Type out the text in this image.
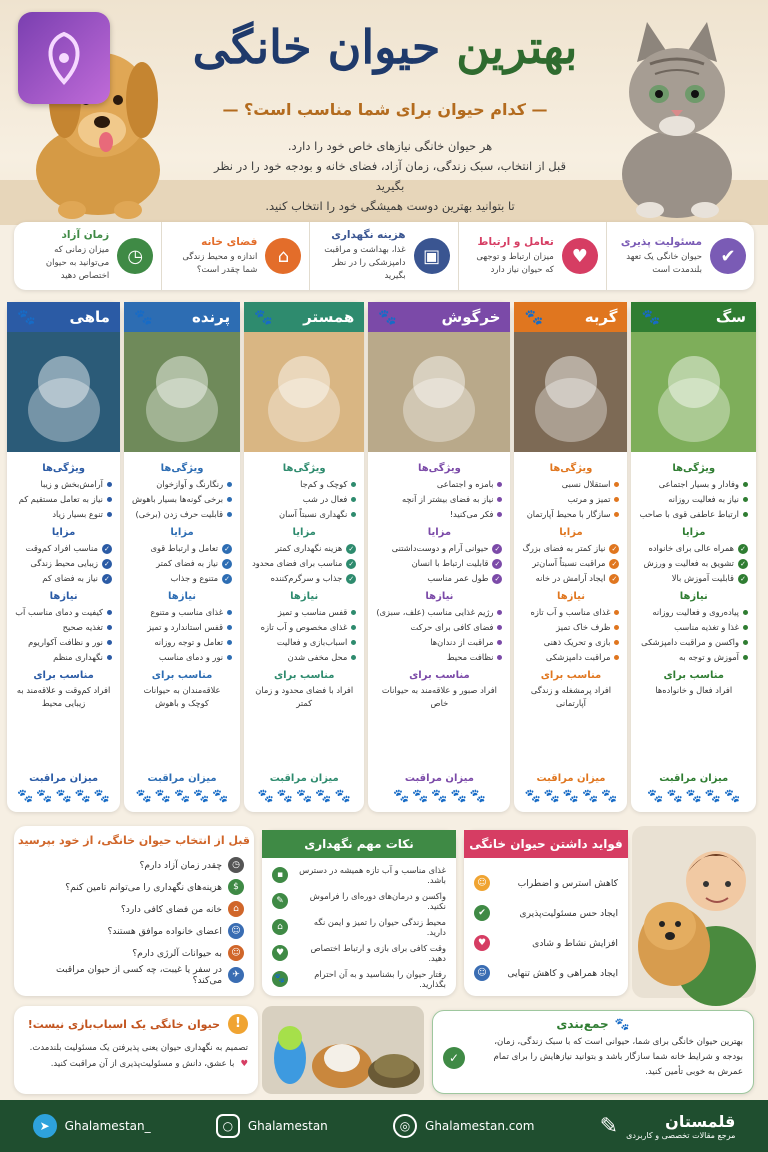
بهترین حیوان خانگی
— کدام حیوان برای شما مناسب است؟ —
هر حیوان خانگی نیازهای خاص خود را دارد.
قبل از انتخاب، سبک زندگی، زمان آزاد، فضای خانه و بودجه خود را در نظر بگیرید
تا بتوانید بهترین دوست همیشگی خود را انتخاب کنید.
✔
مسئولیت پذیری
حیوان خانگی یک تعهد بلندمدت است
♥
تعامل و ارتباط
میزان ارتباط و توجهی که حیوان نیاز دارد
▣
هزینه نگهداری
غذا، بهداشت و مراقبت دامپزشکی را در نظر بگیرید
⌂
فضای خانه
اندازه و محیط زندگی شما چقدر است؟
◷
زمان آزاد
میزان زمانی که می‌توانید به حیوان اختصاص دهید
سگ
🐾
ویژگی‌ها
وفادار و بسیار اجتماعی
نیاز به فعالیت روزانه
ارتباط عاطفی قوی با صاحب
مزایا
✓
همراه عالی برای خانواده
✓
تشویق به فعالیت و ورزش
✓
قابلیت آموزش بالا
نیازها
پیاده‌روی و فعالیت روزانه
غذا و تغذیه مناسب
واکسن و مراقبت دامپزشکی
آموزش و توجه به
مناسب برای
افراد فعال و خانواده‌ها
میزان مراقبت
🐾 🐾 🐾 🐾 🐾
گربه
🐾
ویژگی‌ها
استقلال نسبی
تمیز و مرتب
سازگار با محیط آپارتمان
مزایا
✓
نیاز کمتر به فضای بزرگ
✓
مراقبت نسبتاً آسان‌تر
✓
ایجاد آرامش در خانه
نیازها
غذای مناسب و آب تازه
ظرف خاک تمیز
بازی و تحریک ذهنی
مراقبت دامپزشکی
مناسب برای
افراد پرمشغله و زندگی آپارتمانی
میزان مراقبت
🐾 🐾 🐾 🐾 🐾
خرگوش
🐾
ویژگی‌ها
بامزه و اجتماعی
نیاز به فضای بیشتر از آنچه
فکر می‌کنید!
مزایا
✓
حیوانی آرام و دوست‌داشتنی
✓
قابلیت ارتباط با انسان
✓
طول عمر مناسب
نیازها
رژیم غذایی مناسب (علف، سبزی)
فضای کافی برای حرکت
مراقبت از دندان‌ها
نظافت محیط
مناسب برای
افراد صبور و علاقه‌مند به حیوانات خاص
میزان مراقبت
🐾 🐾 🐾 🐾 🐾
همستر
🐾
ویژگی‌ها
کوچک و کم‌جا
فعال در شب
نگهداری نسبتاً آسان
مزایا
✓
هزینه نگهداری کمتر
✓
مناسب برای فضای محدود
✓
جذاب و سرگرم‌کننده
نیازها
قفس مناسب و تمیز
غذای مخصوص و آب تازه
اسباب‌بازی و فعالیت
محل مخفی شدن
مناسب برای
افراد با فضای محدود و زمان کمتر
میزان مراقبت
🐾 🐾 🐾 🐾 🐾
پرنده
🐾
ویژگی‌ها
رنگارنگ و آوازخوان
برخی گونه‌ها بسیار باهوش
قابلیت حرف زدن (برخی)
مزایا
✓
تعامل و ارتباط قوی
✓
نیاز به فضای کمتر
✓
متنوع و جذاب
نیازها
غذای مناسب و متنوع
قفس استاندارد و تمیز
تعامل و توجه روزانه
نور و دمای مناسب
مناسب برای
علاقه‌مندان به حیوانات کوچک و باهوش
میزان مراقبت
🐾 🐾 🐾 🐾 🐾
ماهی
🐾
ویژگی‌ها
آرامش‌بخش و زیبا
نیاز به تعامل مستقیم کم
تنوع بسیار زیاد
مزایا
✓
مناسب افراد کم‌وقت
✓
زیبایی محیط زندگی
✓
نیاز به فضای کم
نیازها
کیفیت و دمای مناسب آب
تغذیه صحیح
نور و نظافت آکواریوم
نگهداری منظم
مناسب برای
افراد کم‌وقت و علاقه‌مند به زیبایی محیط
میزان مراقبت
🐾 🐾 🐾 🐾 🐾
قبل از انتخاب حیوان خانگی، از خود بپرسید
◷
چقدر زمان آزاد دارم؟
$
هزینه‌های نگهداری را می‌توانم تامین کنم؟
⌂
خانه من فضای کافی دارد؟
☺
اعضای خانواده موافق هستند؟
☺
به حیوانات آلرژی دارم؟
✈
در سفر یا غیبت، چه کسی از حیوان مراقبت می‌کند؟
نکات مهم نگهداری
غذای مناسب و آب تازه همیشه در دسترس باشد.
▪
واکسن و درمان‌های دوره‌ای را فراموش نکنید.
✎
محیط زندگی حیوان را تمیز و ایمن نگه دارید.
⌂
وقت کافی برای بازی و ارتباط اختصاص دهید.
♥
رفتار حیوان را بشناسید و به آن احترام بگذارید.
🐾
فواید داشتن حیوان خانگی
کاهش استرس و اضطراب
☺
ایجاد حس مسئولیت‌پذیری
✔
افزایش نشاط و شادی
♥
ایجاد همراهی و کاهش تنهایی
☺
!
حیوان خانگی یک اسباب‌بازی نیست!
تصمیم به نگهداری حیوان یعنی پذیرفتن یک مسئولیت بلندمدت.
♥
با عشق، دانش و مسئولیت‌پذیری از آن مراقبت کنید.
🐾
جمع‌بندی
بهترین حیوان خانگی برای شما، حیوانی است که با سبک زندگی، زمان، بودجه و شرایط خانه شما سازگار باشد و بتوانید نیازهایش را برای تمام عمرش به خوبی تأمین کنید.
✓
قلمستان
مرجع مقالات تخصصی و کاربردی
✎
Ghalamestan.com
◎
Ghalamestan
○
Ghalamestan_
➤
